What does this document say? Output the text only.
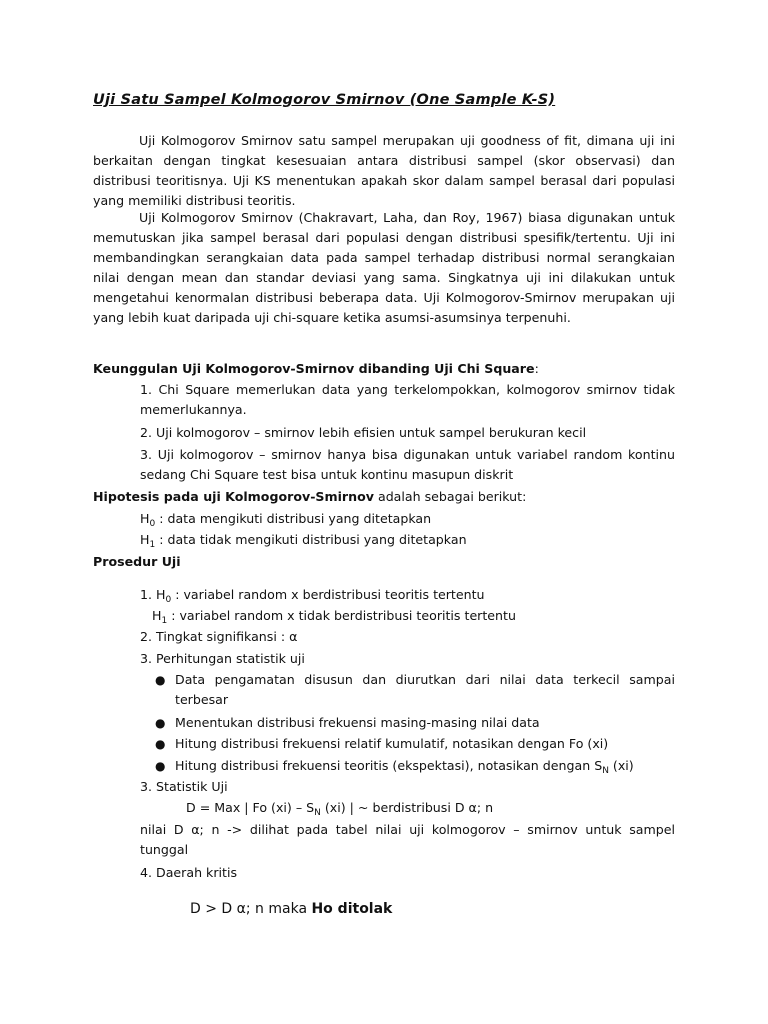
Uji Satu Sampel Kolmogorov Smirnov (One Sample K-S)

Uji Kolmogorov Smirnov satu sampel merupakan uji goodness of fit, dimana uji ini berkaitan dengan tingkat kesesuaian antara distribusi sampel (skor observasi) dan distribusi teoritisnya. Uji KS menentukan apakah skor dalam sampel berasal dari populasi yang memiliki distribusi teoritis.

Uji Kolmogorov Smirnov (Chakravart, Laha, dan Roy, 1967) biasa digunakan untuk memutuskan jika sampel berasal dari populasi dengan distribusi spesifik/tertentu. Uji ini membandingkan serangkaian data pada sampel terhadap distribusi normal serangkaian nilai dengan mean dan standar deviasi yang sama. Singkatnya uji ini dilakukan untuk mengetahui kenormalan distribusi beberapa data. Uji Kolmogorov-Smirnov merupakan uji yang lebih kuat daripada uji chi-square ketika asumsi-asumsinya terpenuhi.

Keunggulan Uji Kolmogorov-Smirnov dibanding Uji Chi Square:

1. Chi Square memerlukan data yang terkelompokkan, kolmogorov smirnov tidak memerlukannya.

2. Uji kolmogorov – smirnov lebih efisien untuk sampel berukuran kecil

3. Uji kolmogorov – smirnov hanya bisa digunakan untuk variabel random kontinu sedang Chi Square test bisa untuk kontinu masupun diskrit

Hipotesis pada uji Kolmogorov-Smirnov adalah sebagai berikut:

$H_0$ : data mengikuti distribusi yang ditetapkan

$H_1$ : data tidak mengikuti distribusi yang ditetapkan

Prosedur Uji

1. $H_0$ : variabel random x berdistribusi teoritis tertentu

$H_1$ : variabel random x tidak berdistribusi teoritis tertentu

2. Tingkat signifikansi : α

3. Perhitungan statistik uji

● Data pengamatan disusun dan diurutkan dari nilai data terkecil sampai terbesar
● Menentukan distribusi frekuensi masing-masing nilai data
● Hitung distribusi frekuensi relatif kumulatif, notasikan dengan Fo (xi)
● Hitung distribusi frekuensi teoritis (ekspektasi), notasikan dengan $S_N$ (xi)

3. Statistik Uji

D = Max | Fo $(xi) - S_N$ (xi) | ~ berdistribusi D α; n

nilai D α; n -> dilihat pada tabel nilai uji kolmogorov – smirnov untuk sampel tunggal

4. Daerah kritis

D > D α; n maka Ho ditolak
